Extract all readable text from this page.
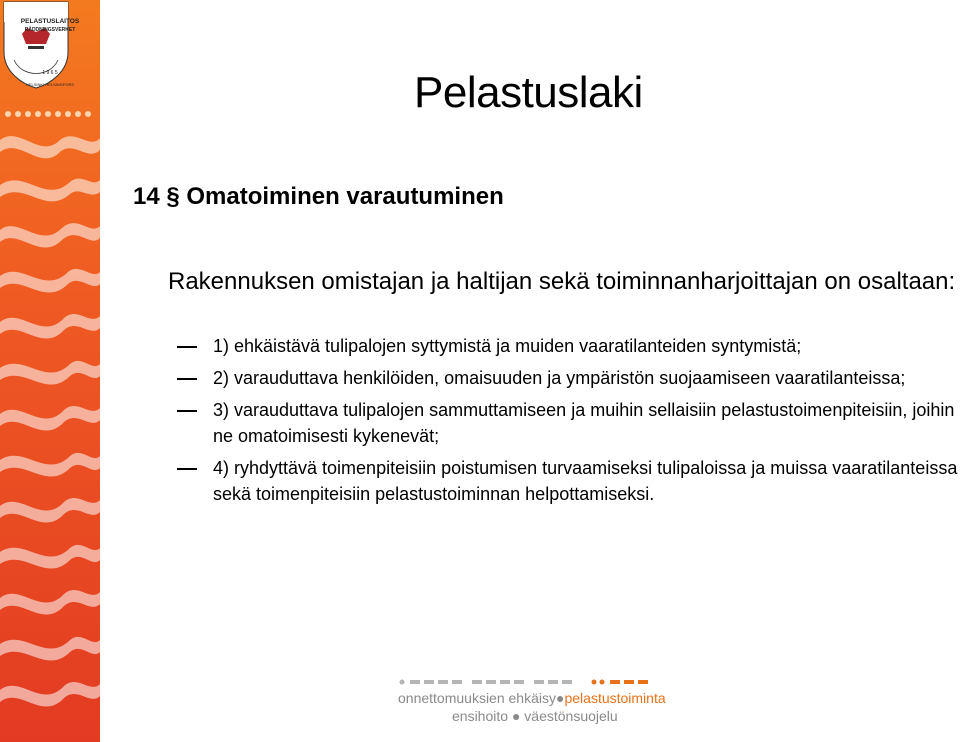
PELASTUSLAITOS
RÄDDNINGSVERKET
1 9 6 5
HELSINKI HELSINGFORS	Pelastuslaki
14 § Omatoiminen varautuminen
Rakennuksen omistajan ja haltijan sekä toiminnanharjoittajan on osaltaan:
1) ehkäistävä tulipalojen syttymistä ja muiden vaaratilanteiden syntymistä;
2) varauduttava henkilöiden, omaisuuden ja ympäristön suojaamiseen vaaratilanteissa;
3) varauduttava tulipalojen sammuttamiseen ja muihin sellaisiin pelastustoimenpiteisiin, joihin ne omatoimisesti kykenevät;
4) ryhdyttävä toimenpiteisiin poistumisen turvaamiseksi tulipaloissa ja muissa vaaratilanteissa sekä toimenpiteisiin pelastustoiminnan helpottamiseksi.
onnettomuuksien ehkäisy●pelastustoiminta
ensihoito ● väestönsuojelu
